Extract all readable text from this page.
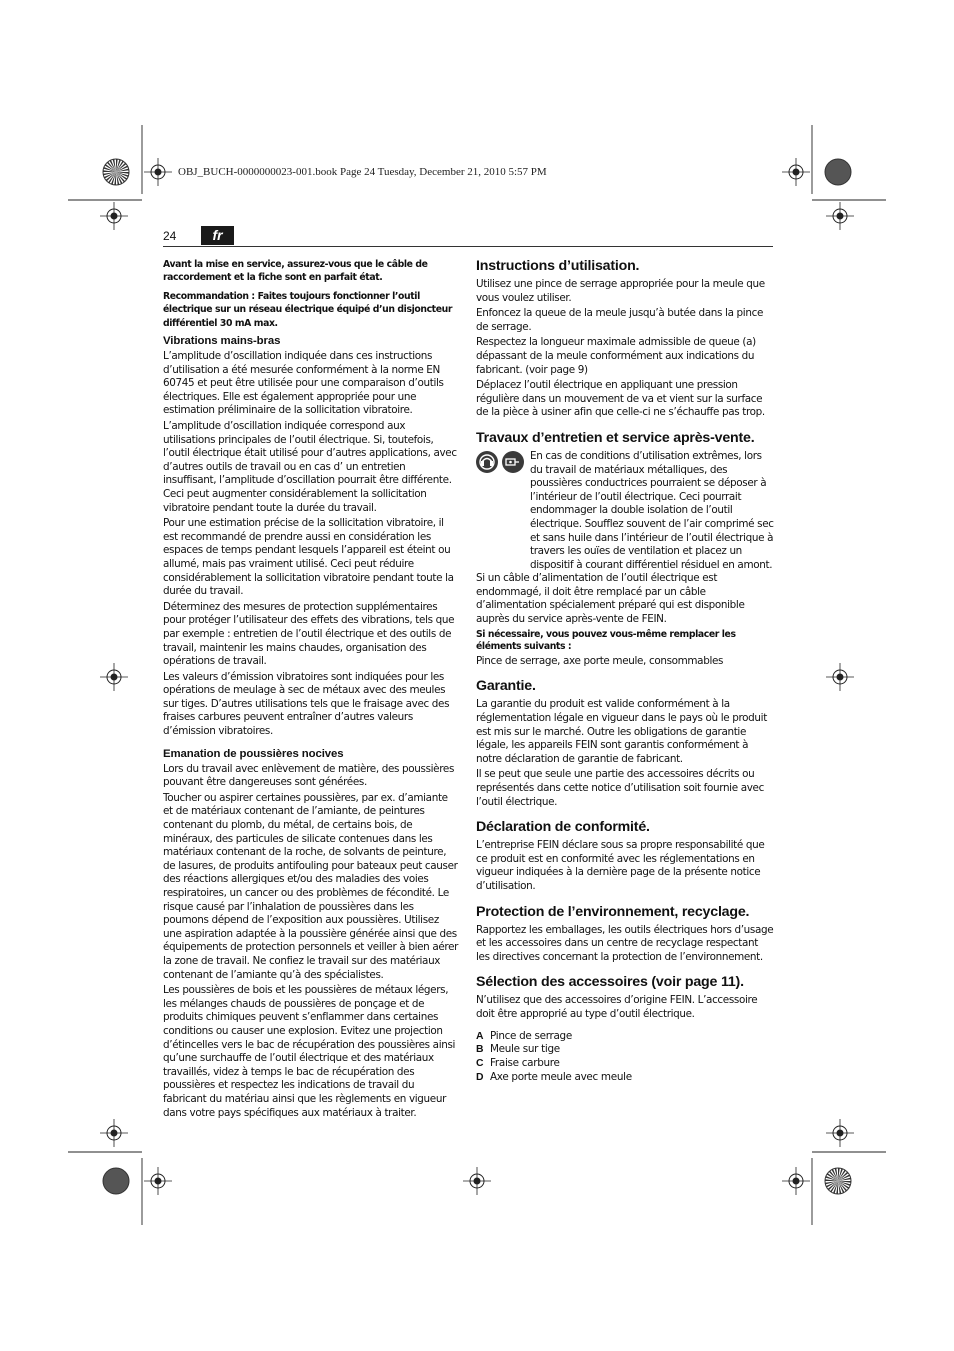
OBJ_BUCH-0000000023-001.book Page 24 Tuesday, December 21, 2010 5:57 PM
24	fr

Avant la mise en service, assurez-vous que le câble de raccordement et la fiche sont en parfait état.

Recommandation : Faites toujours fonctionner l’outil électrique sur un réseau électrique équipé d’un disjoncteur différentiel 30 mA max.

Vibrations mains-bras

L’amplitude d’oscillation indiquée dans ces instructions d’utilisation a été mesurée conformément à la norme EN 60745 et peut être utilisée pour une comparaison d’outils électriques. Elle est également appropriée pour une estimation préliminaire de la sollicitation vibratoire.

L’amplitude d’oscillation indiquée correspond aux utilisations principales de l’outil électrique. Si, toutefois, l’outil électrique était utilisé pour d’autres applications, avec d’autres outils de travail ou en cas d’ un entretien insuffisant, l’amplitude d’oscillation pourrait être différente. Ceci peut augmenter considérablement la sollicitation vibratoire pendant toute la durée du travail.

Pour une estimation précise de la sollicitation vibratoire, il est recommandé de prendre aussi en considération les espaces de temps pendant lesquels l’appareil est éteint ou allumé, mais pas vraiment utilisé. Ceci peut réduire considérablement la sollicitation vibratoire pendant toute la durée du travail.

Déterminez des mesures de protection supplémentaires pour protéger l’utilisateur des effets des vibrations, tels que par exemple : entretien de l’outil électrique et des outils de travail, maintenir les mains chaudes, organisation des opérations de travail.

Les valeurs d’émission vibratoires sont indiquées pour les opérations de meulage à sec de métaux avec des meules sur tiges. D’autres utilisations tels que le fraisage avec des fraises carbures peuvent entraîner d’autres valeurs d’émission vibratoires.

Emanation de poussières nocives

Lors du travail avec enlèvement de matière, des poussières pouvant être dangereuses sont générées.

Toucher ou aspirer certaines poussières, par ex. d’amiante et de matériaux contenant de l’amiante, de peintures contenant du plomb, du métal, de certains bois, de minéraux, des particules de silicate contenues dans les matériaux contenant de la roche, de solvants de peinture, de lasures, de produits antifouling pour bateaux peut causer des réactions allergiques et/ou des maladies des voies respiratoires, un cancer ou des problèmes de fécondité. Le risque causé par l’inhalation de poussières dans les poumons dépend de l’exposition aux poussières. Utilisez une aspiration adaptée à la poussière générée ainsi que des équipements de protection personnels et veiller à bien aérer la zone de travail. Ne confiez le travail sur des matériaux contenant de l’amiante qu’à des spécialistes.

Les poussières de bois et les poussières de métaux légers, les mélanges chauds de poussières de ponçage et de produits chimiques peuvent s’enflammer dans certaines conditions ou causer une explosion. Evitez une projection d’étincelles vers le bac de récupération des poussières ainsi qu’une surchauffe de l’outil électrique et des matériaux travaillés, videz à temps le bac de récupération des poussières et respectez les indications de travail du fabricant du matériau ainsi que les règlements en vigueur dans votre pays spécifiques aux matériaux à traiter.

Instructions d’utilisation.

Utilisez une pince de serrage appropriée pour la meule que vous voulez utiliser.

Enfoncez la queue de la meule jusqu’à butée dans la pince de serrage.

Respectez la longueur maximale admissible de queue (a) dépassant de la meule conformément aux indications du fabricant. (voir page 9)

Déplacez l’outil électrique en appliquant une pression régulière dans un mouvement de va et vient sur la surface de la pièce à usiner afin que celle-ci ne s’échauffe pas trop.

Travaux d’entretien et service après-vente.

En cas de conditions d’utilisation extrêmes, lors du travail de matériaux métalliques, des poussières conductrices pourraient se déposer à l’intérieur de l’outil électrique. Ceci pourrait endommager la double isolation de l’outil électrique. Soufflez souvent de l’air comprimé sec et sans huile dans l’intérieur de l’outil électrique à travers les ouïes de ventilation et placez un dispositif à courant différentiel résiduel en amont.

Si un câble d’alimentation de l’outil électrique est endommagé, il doit être remplacé par un câble d’alimentation spécialement préparé qui est disponible auprès du service après-vente de FEIN.

Si nécessaire, vous pouvez vous-même remplacer les éléments suivants :

Pince de serrage, axe porte meule, consommables

Garantie.

La garantie du produit est valide conformément à la réglementation légale en vigueur dans le pays où le produit est mis sur le marché. Outre les obligations de garantie légale, les appareils FEIN sont garantis conformément à notre déclaration de garantie de fabricant.

Il se peut que seule une partie des accessoires décrits ou représentés dans cette notice d’utilisation soit fournie avec l’outil électrique.

Déclaration de conformité.

L’entreprise FEIN déclare sous sa propre responsabilité que ce produit est en conformité avec les réglementations en vigueur indiquées à la dernière page de la présente notice d’utilisation.

Protection de l’environnement, recyclage.

Rapportez les emballages, les outils électriques hors d’usage et les accessoires dans un centre de recyclage respectant les directives concernant la protection de l’environnement.

Sélection des accessoires (voir page 11).

N’utilisez que des accessoires d’origine FEIN. L’accessoire doit être approprié au type d’outil électrique.

A Pince de serrage
B Meule sur tige
C Fraise carbure
D Axe porte meule avec meule
